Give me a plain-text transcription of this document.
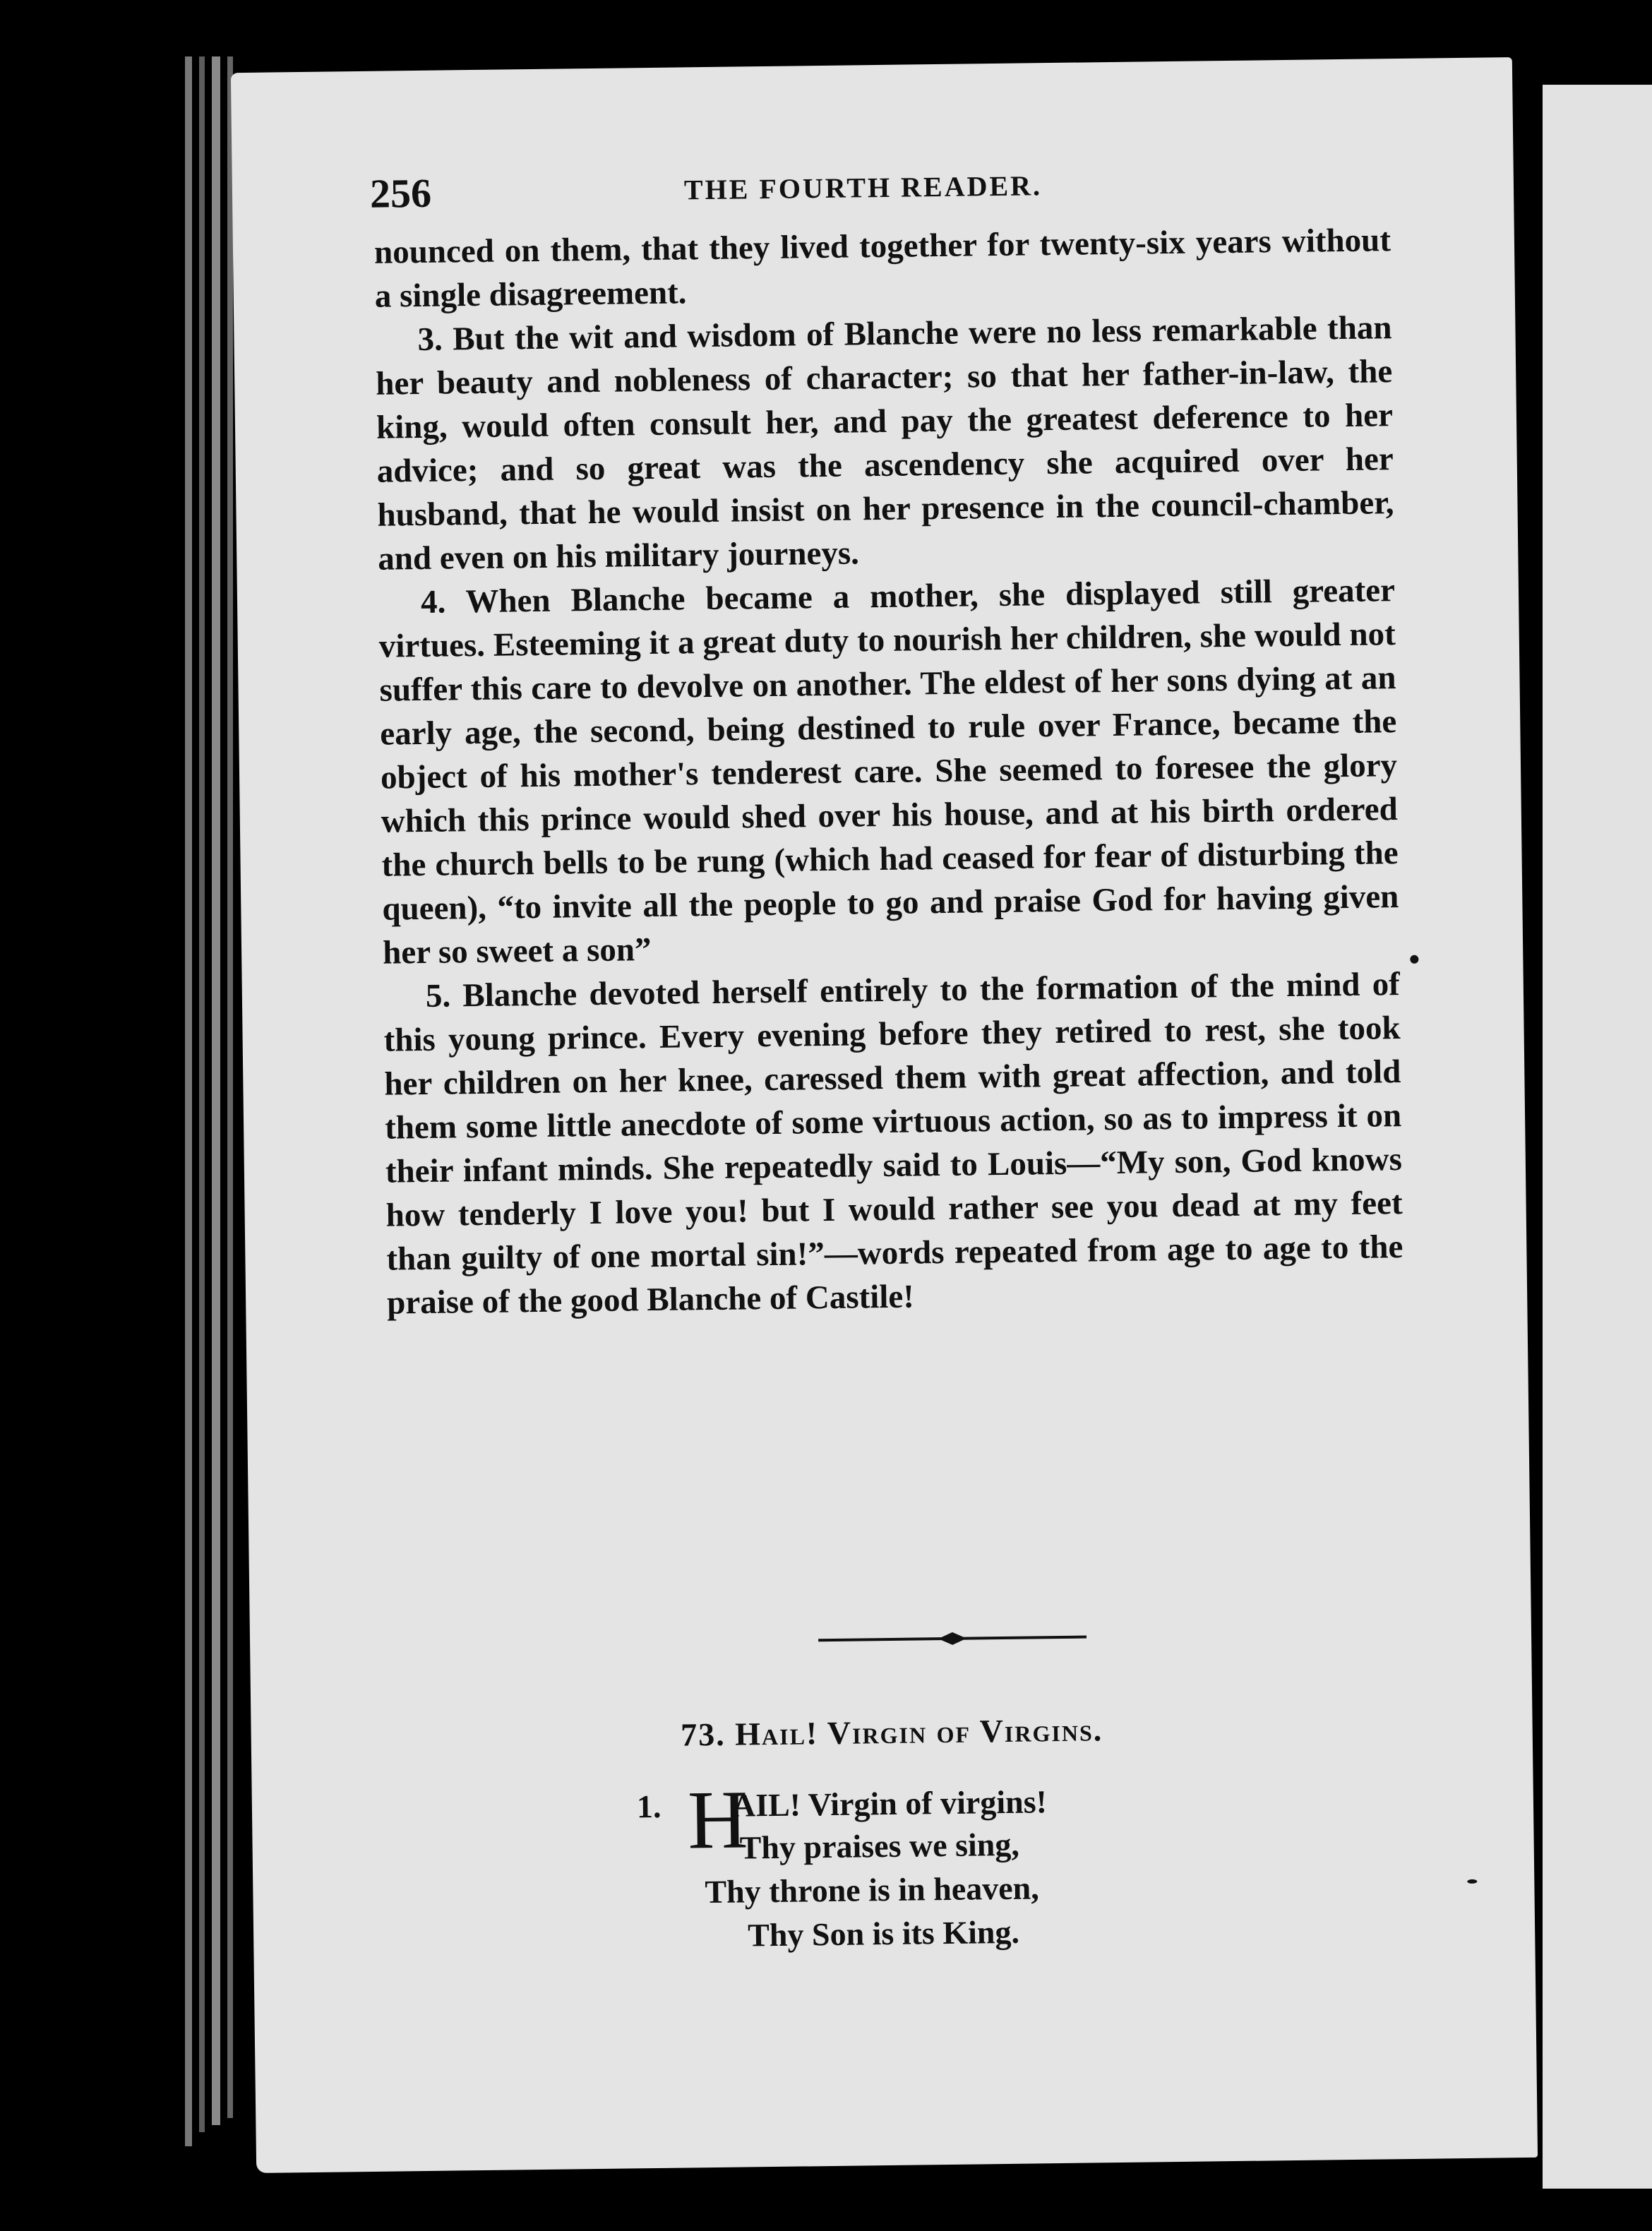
256	THE FOURTH READER.

nounced on them, that they lived together for twenty-six years without a single disagreement.

3. But the wit and wisdom of Blanche were no less remarkable than her beauty and nobleness of character; so that her father-in-law, the king, would often consult her, and pay the greatest deference to her advice; and so great was the ascendency she acquired over her husband, that he would insist on her presence in the council-chamber, and even on his military journeys.

4. When Blanche became a mother, she displayed still greater virtues. Esteeming it a great duty to nourish her children, she would not suffer this care to devolve on another. The eldest of her sons dying at an early age, the second, being destined to rule over France, became the object of his mother's tenderest care. She seemed to foresee the glory which this prince would shed over his house, and at his birth ordered the church bells to be rung (which had ceased for fear of disturbing the queen), “to invite all the people to go and praise God for having given her so sweet a son”

5. Blanche devoted herself entirely to the formation of the mind of this young prince. Every evening before they retired to rest, she took her children on her knee, caressed them with great affection, and told them some little anecdote of some virtuous action, so as to impress it on their infant minds. She repeatedly said to Louis—“My son, God knows how tenderly I love you! but I would rather see you dead at my feet than guilty of one mortal sin!”—words repeated from age to age to the praise of the good Blanche of Castile!

73. Hail! Virgin of Virgins.
1. H
AIL! Virgin of virgins!
Thy praises we sing,
Thy throne is in heaven,
Thy Son is its King.
